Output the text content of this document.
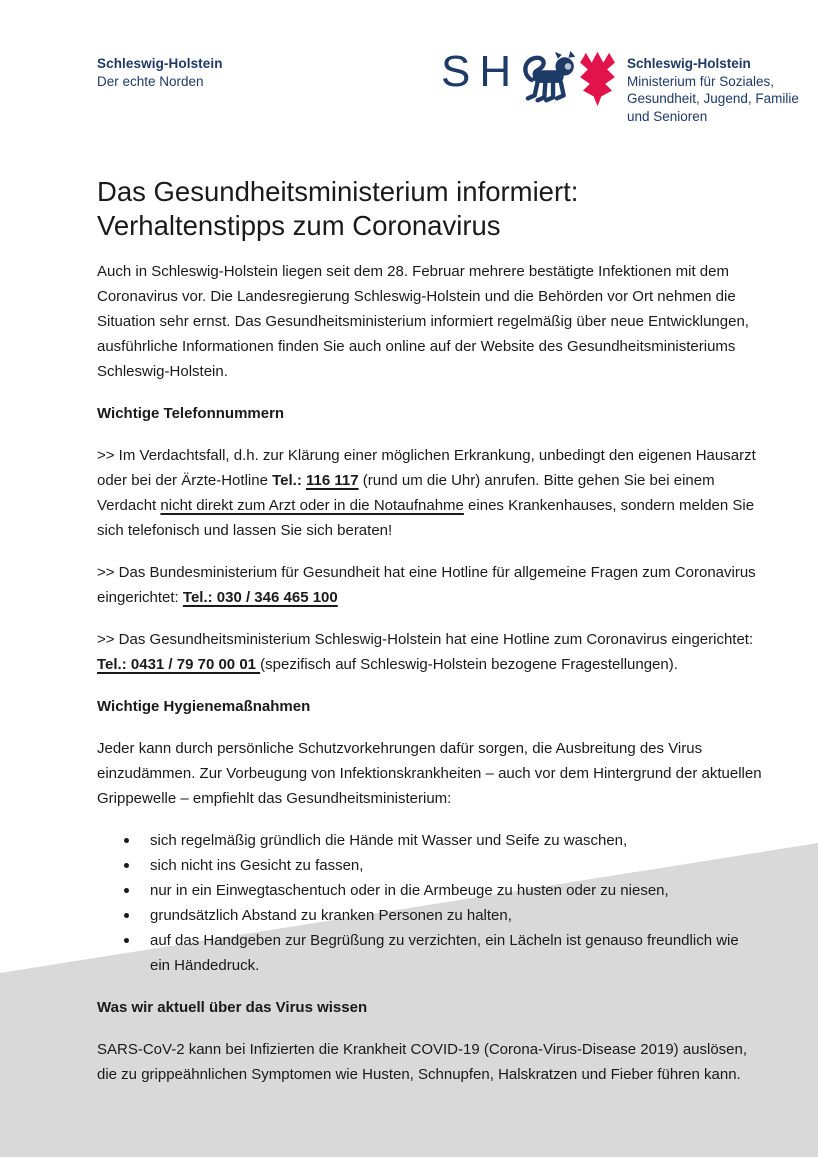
Schleswig-Holstein
Der echte Norden	SH	Schleswig-Holstein
Ministerium für Soziales,
Gesundheit, Jugend, Familie
und Senioren
Das Gesundheitsministerium informiert:
Verhaltenstipps zum Coronavirus

Auch in Schleswig-Holstein liegen seit dem 28. Februar mehrere bestätigte Infektionen mit dem Coronavirus vor. Die Landesregierung Schleswig-Holstein und die Behörden vor Ort nehmen die Situation sehr ernst. Das Gesundheitsministerium informiert regelmäßig über neue Entwicklungen, ausführliche Informationen finden Sie auch online auf der Website des Gesundheitsministeriums Schleswig-Holstein.

Wichtige Telefonnummern

>> Im Verdachtsfall, d.h. zur Klärung einer möglichen Erkrankung, unbedingt den eigenen Hausarzt oder bei der Ärzte-Hotline Tel.: 116 117 (rund um die Uhr) anrufen. Bitte gehen Sie bei einem Verdacht nicht direkt zum Arzt oder in die Notaufnahme eines Krankenhauses, sondern melden Sie sich telefonisch und lassen Sie sich beraten!

>> Das Bundesministerium für Gesundheit hat eine Hotline für allgemeine Fragen zum Coronavirus eingerichtet: Tel.: 030 / 346 465 100

>> Das Gesundheitsministerium Schleswig-Holstein hat eine Hotline zum Coronavirus eingerichtet: Tel.: 0431 / 79 70 00 01 (spezifisch auf Schleswig-Holstein bezogene Fragestellungen).

Wichtige Hygienemaßnahmen

Jeder kann durch persönliche Schutzvorkehrungen dafür sorgen, die Ausbreitung des Virus einzudämmen. Zur Vorbeugung von Infektionskrankheiten – auch vor dem Hintergrund der aktuellen Grippewelle – empfiehlt das Gesundheitsministerium:

sich regelmäßig gründlich die Hände mit Wasser und Seife zu waschen,
sich nicht ins Gesicht zu fassen,
nur in ein Einwegtaschentuch oder in die Armbeuge zu husten oder zu niesen,
grundsätzlich Abstand zu kranken Personen zu halten,
auf das Handgeben zur Begrüßung zu verzichten, ein Lächeln ist genauso freundlich wie ein Händedruck.
Was wir aktuell über das Virus wissen

SARS-CoV-2 kann bei Infizierten die Krankheit COVID-19 (Corona-Virus-Disease 2019) auslösen, die zu grippeähnlichen Symptomen wie Husten, Schnupfen, Halskratzen und Fieber führen kann.
